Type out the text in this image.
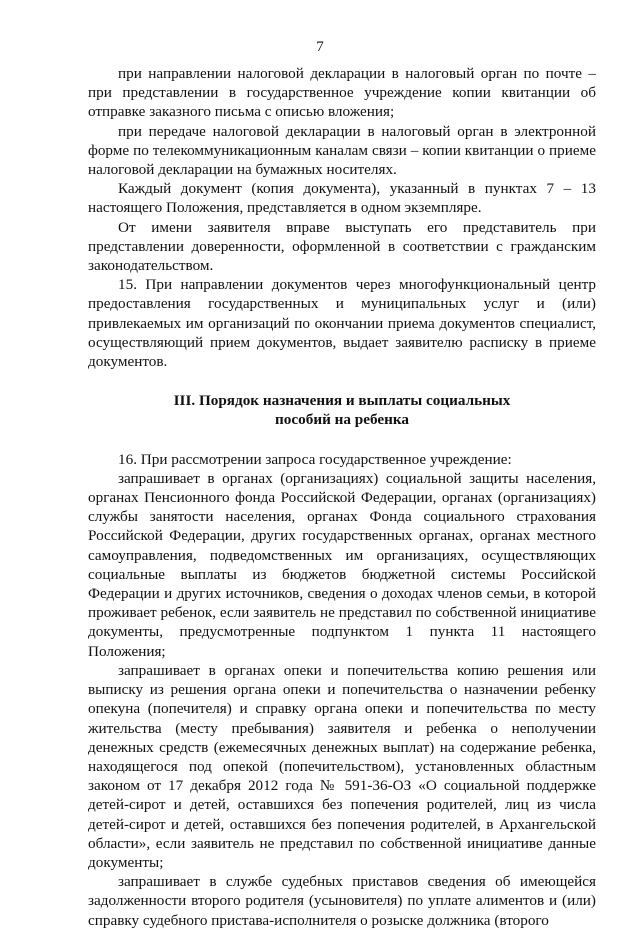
7

при направлении налоговой декларации в налоговый орган по почте – при представлении в государственное учреждение копии квитанции об отправке заказного письма с описью вложения;

при передаче налоговой декларации в налоговый орган в электронной форме по телекоммуникационным каналам связи – копии квитанции о приеме налоговой декларации на бумажных носителях.

Каждый документ (копия документа), указанный в пунктах 7 – 13 настоящего Положения, представляется в одном экземпляре.

От имени заявителя вправе выступать его представитель при представлении доверенности, оформленной в соответствии с гражданским законодательством.

15. При направлении документов через многофункциональный центр предоставления государственных и муниципальных услуг и (или) привлекаемых им организаций по окончании приема документов специалист, осуществляющий прием документов, выдает заявителю расписку в приеме документов.

III. Порядок назначения и выплаты социальных
пособий на ребенка

16. При рассмотрении запроса государственное учреждение:

запрашивает в органах (организациях) социальной защиты населения, органах Пенсионного фонда Российской Федерации, органах (организациях) службы занятости населения, органах Фонда социального страхования Российской Федерации, других государственных органах, органах местного самоуправления, подведомственных им организациях, осуществляющих социальные выплаты из бюджетов бюджетной системы Российской Федерации и других источников, сведения о доходах членов семьи, в которой проживает ребенок, если заявитель не представил по собственной инициативе документы, предусмотренные подпунктом 1 пункта 11 настоящего Положения;

запрашивает в органах опеки и попечительства копию решения или выписку из решения органа опеки и попечительства о назначении ребенку опекуна (попечителя) и справку органа опеки и попечительства по месту жительства (месту пребывания) заявителя и ребенка о неполучении денежных средств (ежемесячных денежных выплат) на содержание ребенка, находящегося под опекой (попечительством), установленных областным законом от 17 декабря 2012 года № 591-36-ОЗ «О социальной поддержке детей-сирот и детей, оставшихся без попечения родителей, лиц из числа детей-сирот и детей, оставшихся без попечения родителей, в Архангельской области», если заявитель не представил по собственной инициативе данные документы;

запрашивает в службе судебных приставов сведения об имеющейся задолженности второго родителя (усыновителя) по уплате алиментов и (или) справку судебного пристава-исполнителя о розыске должника (второго
